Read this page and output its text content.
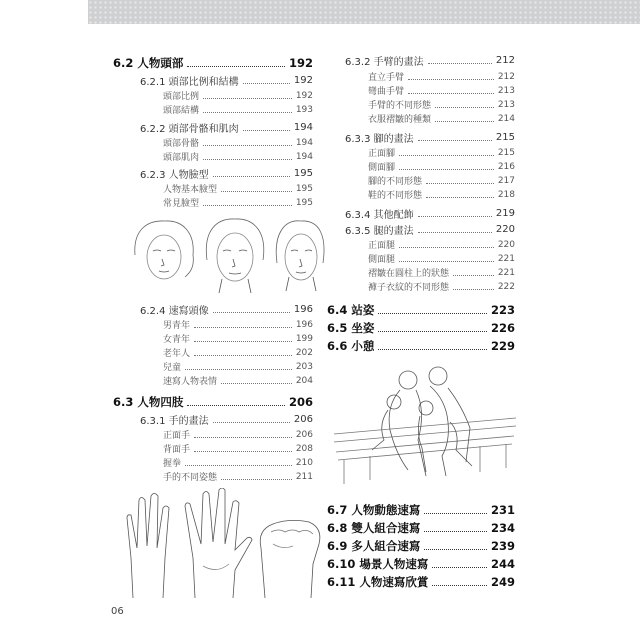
6.2 人物頭部	192
6.2.1 頭部比例和結構	192
頭部比例	192
頭部結構	193
6.2.2 頭部骨骼和肌肉	194
頭部骨骼	194
頭部肌肉	194
6.2.3 人物臉型	195
人物基本臉型	195
常見臉型	195
6.2.4 速寫頭像	196
男青年	196
女青年	199
老年人	202
兒童	203
速寫人物表情	204
6.3 人物四肢	206
6.3.1 手的畫法	206
正面手	206
背面手	208
握拳	210
手的不同姿態	211
6.3.2 手臂的畫法	212
直立手臂	212
彎曲手臂	213
手臂的不同形態	213
衣服褶皺的種類	214
6.3.3 腳的畫法	215
正面腳	215
側面腳	216
腳的不同形態	217
鞋的不同形態	218
6.3.4 其他配飾	219
6.3.5 腿的畫法	220
正面腿	220
側面腿	221
褶皺在圓柱上的狀態	221
褲子衣紋的不同形態	222
6.4 站姿	223
6.5 坐姿	226
6.6 小憩	229
6.7 人物動態速寫	231
6.8 雙人組合速寫	234
6.9 多人組合速寫	239
6.10 場景人物速寫	244
6.11 人物速寫欣賞	249
06
